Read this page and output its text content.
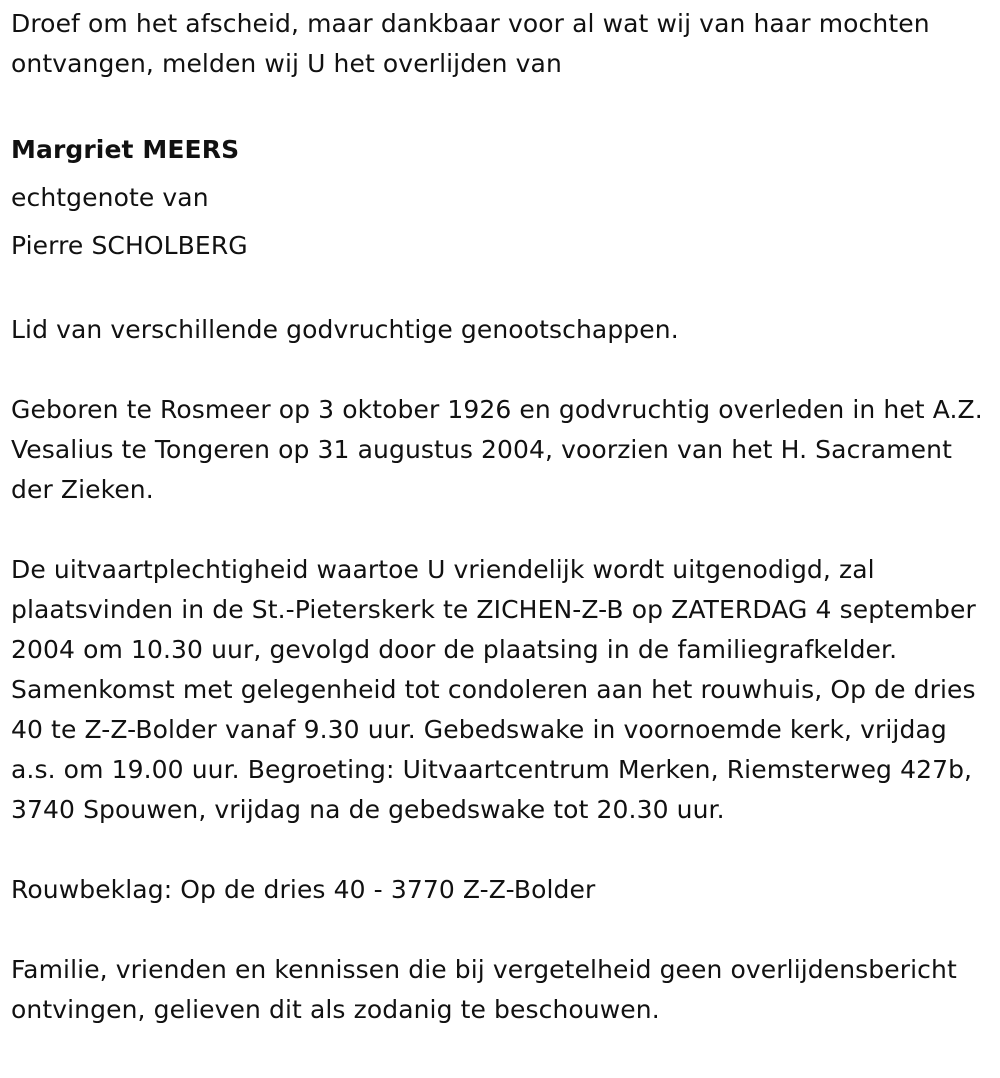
Droef om het afscheid, maar dankbaar voor al wat wij van haar mochten ontvangen, melden wij U het overlijden van

Margriet MEERS

echtgenote van

Pierre SCHOLBERG

Lid van verschillende godvruchtige genootschappen.

Geboren te Rosmeer op 3 oktober 1926 en godvruchtig overleden in het A.Z. Vesalius te Tongeren op 31 augustus 2004, voorzien van het H. Sacrament der Zieken.

De uitvaartplechtigheid waartoe U vriendelijk wordt uitgenodigd, zal plaatsvinden in de St.-Pieterskerk te ZICHEN-Z-B op ZATERDAG 4 september 2004 om 10.30 uur, gevolgd door de plaatsing in de familiegrafkelder. Samenkomst met gelegenheid tot condoleren aan het rouwhuis, Op de dries 40 te Z-Z-Bolder vanaf 9.30 uur. Gebedswake in voornoemde kerk, vrijdag a.s. om 19.00 uur. Begroeting: Uitvaartcentrum Merken, Riemsterweg 427b, 3740 Spouwen, vrijdag na de gebedswake tot 20.30 uur.

Rouwbeklag: Op de dries 40 - 3770 Z-Z-Bolder

Familie, vrienden en kennissen die bij vergetelheid geen overlijdensbericht ontvingen, gelieven dit als zodanig te beschouwen.
